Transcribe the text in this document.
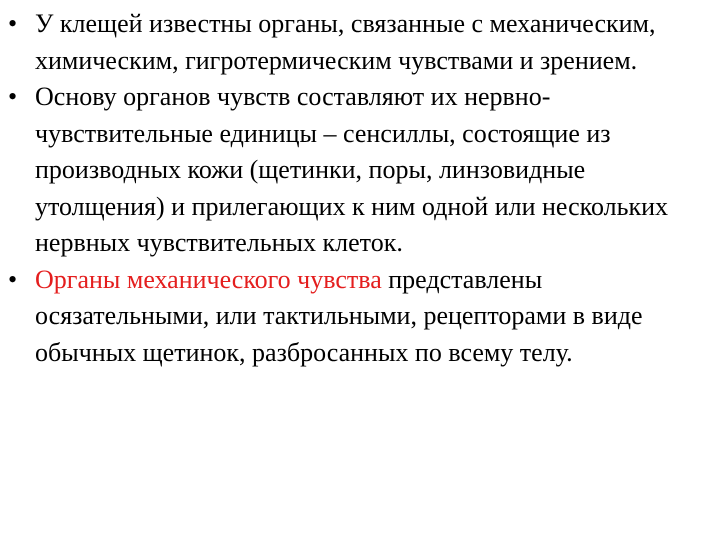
• У клещей известны органы, связанные с механическим, химическим, гигротермическим чувствами и зрением.
• Основу органов чувств составляют их нервно-чувствительные единицы – сенсиллы, состоящие из производных кожи (щетинки, поры, линзовидные утолщения) и прилегающих к ним одной или нескольких нервных чувствительных клеток.
• Органы механического чувства представлены осязательными, или тактильными, рецепторами в виде обычных щетинок, разбросанных по всему телу.
